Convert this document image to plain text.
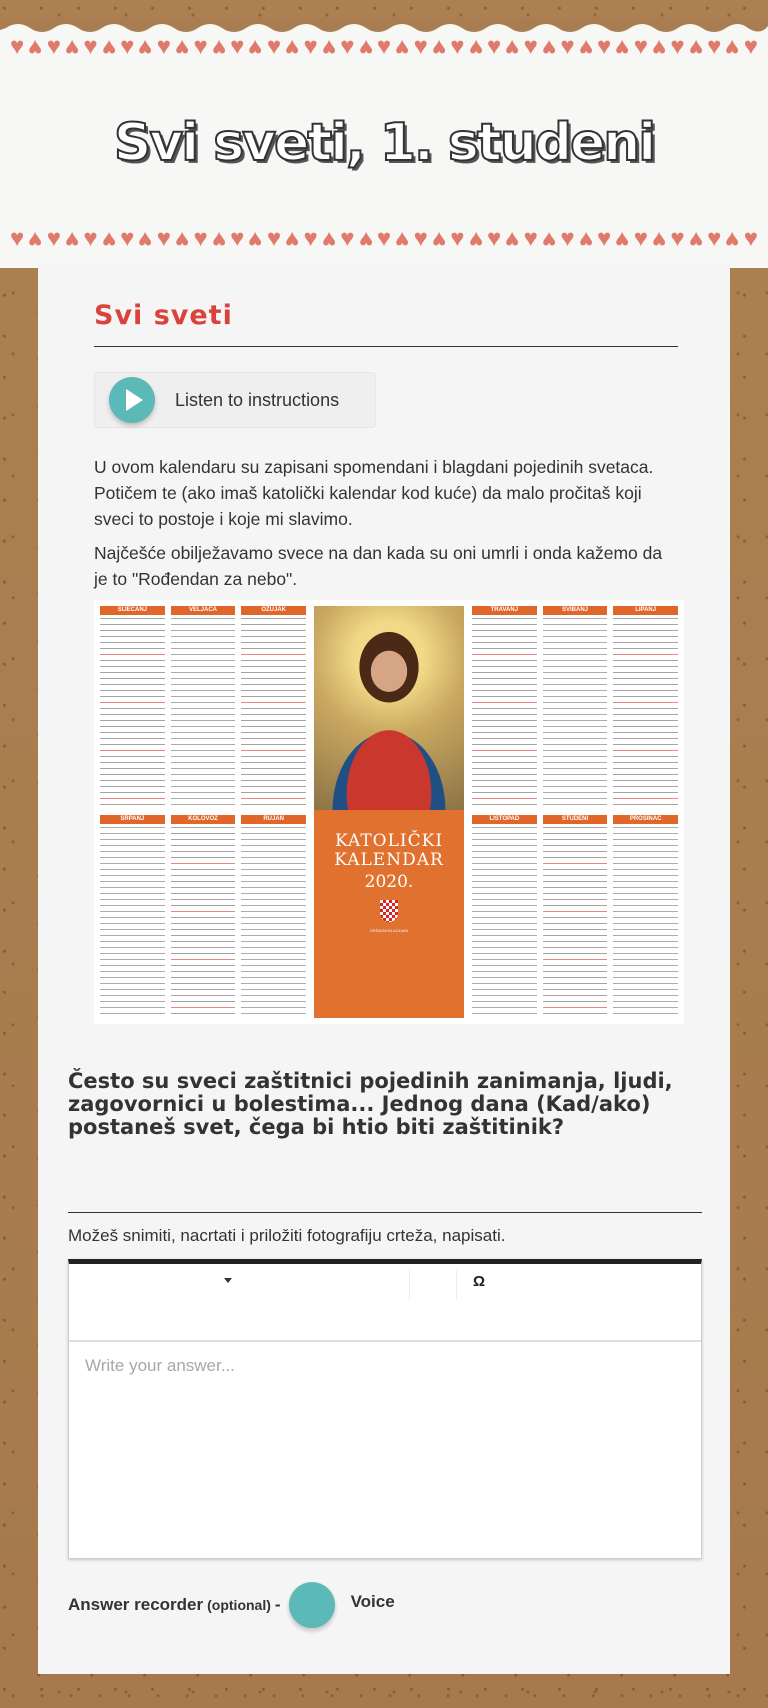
♥ ♥ ♥ ♥ ♥ ♥ ♥ ♥ ♥ ♥ ♥ ♥ ♥ ♥ ♥ ♥ ♥ ♥ ♥ ♥ ♥ ♥ ♥ ♥ ♥ ♥ ♥ ♥ ♥ ♥ ♥ ♥ ♥ ♥ ♥ ♥ ♥ ♥ ♥ ♥ ♥
Svi sveti, 1. studeni
♥ ♥ ♥ ♥ ♥ ♥ ♥ ♥ ♥ ♥ ♥ ♥ ♥ ♥ ♥ ♥ ♥ ♥ ♥ ♥ ♥ ♥ ♥ ♥ ♥ ♥ ♥ ♥ ♥ ♥ ♥ ♥ ♥ ♥ ♥ ♥ ♥ ♥ ♥ ♥ ♥
Svi sveti
Listen to instructions

U ovom kalendaru su zapisani spomendani i blagdani pojedinih svetaca. Potičem te (ako imaš katolički kalendar kod kuće) da malo pročitaš koji sveci to postoje i koje mi slavimo.

Najčešće obilježavamo svece na dan kada su oni umrli i onda kažemo da je to "Rođendan za nebo".

SIJEČANJ	VELJAČA	OŽUJAK
SRPANJ	KOLOVOZ	RUJAN
KATOLIČKI
KALENDAR
2020.
DRŽAVNI BLAGDANI
TRAVANJ	SVIBANJ	LIPANJ
LISTOPAD	STUDENI	PROSINAC
Često su sveci zaštitnici pojedinih zanimanja, ljudi, zagovornici u bolestima... Jednog dana (Kad/ako) postaneš svet, čega bi htio biti zaštitinik?
Možeš snimiti, nacrtati i priložiti fotografiju crteža, napisati.
Ω
Write your answer...
Answer recorder (optional) -	Voice
